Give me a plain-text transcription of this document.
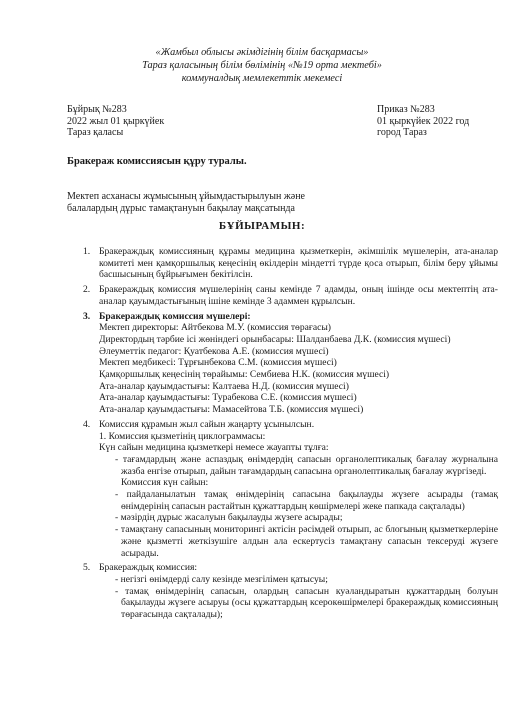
«Жамбыл облысы әкімдігінің білім басқармасы»
Тараз қаласының білім бөлімінің «№19 орта мектебі»
коммуналдық мемлекеттік мекемесі
Бұйрық №283
2022 жыл 01 қыркүйек
Тараз қаласы
Приказ №283
01 қыркүйек 2022 год
город Тараз
Бракераж комиссиясын құру туралы.
Мектеп асханасы жұмысының ұйымдастырылуын және
балалардың дұрыс тамақтануын бақылау мақсатында
БҰЙЫРАМЫН:
1. Бракераждық комиссияның құрамы медицина қызметкерін, әкімшілік мүшелерін, ата-аналар комитеті мен қамқоршылық кеңесінің өкілдерін міндетті түрде қоса отырып, білім беру ұйымы басшысының бұйрығымен бекітілсін.
2. Бракераждық комиссия мүшелерінің саны кемінде 7 адамды, оның ішінде осы мектептің ата-аналар қауымдастығының ішіне кемінде 3 адаммен құрылсын.
3. Бракераждық комиссия мүшелері:
Мектеп директоры: Айтбекова М.У. (комиссия төрағасы)
Директордың тәрбие ісі жөніндегі орынбасары: Шалданбаева Д.К. (комиссия мүшесі)
Әлеуметтік педагог: Қуатбекова А.Е. (комиссия мүшесі)
Мектеп медбикесі: Тұрғынбекова С.М. (комиссия мүшесі)
Қамқоршылық кеңесінің төрайымы: Сембиева Н.К. (комиссия мүшесі)
Ата-аналар қауымдастығы: Калтаева Н.Д. (комиссия мүшесі)
Ата-аналар қауымдастығы: Турабекова С.Е. (комиссия мүшесі)
Ата-аналар қауымдастығы: Мамасейтова Т.Б. (комиссия мүшесі)
4. Комиссия құрамын жыл сайын жаңарту ұсынылсын.
1. Комиссия қызметінің циклограммасы:
Күн сайын медицина қызметкері немесе жауапты тұлға:
- тағамдардың және аспаздық өнімдердің сапасын органолептикалық бағалау журналына жазба енгізе отырып, дайын тағамдардың сапасына органолептикалық бағалау жүргізеді.
Комиссия күн сайын:
- пайдаланылатын тамақ өнімдерінің сапасына бақылауды жүзеге асырады (тамақ өнімдерінің сапасын растайтын құжаттардың көшірмелері жеке папкада сақталады)
- мәзірдің дұрыс жасалуын бақылауды жүзеге асырады;
- тамақтану сапасының мониторингі актісін рәсімдей отырып, ас блогының қызметкерлеріне және қызметті жеткізушіге алдын ала ескертусіз тамақтану сапасын тексеруді жүзеге асырады.
5. Бракераждық комиссия:
- негізгі өнімдерді салу кезінде мезгілімен қатысуы;
- тамақ өнімдерінің сапасын, олардың сапасын куәландыратын құжаттардың болуын бақылауды жүзеге асыруы (осы құжаттардың ксерокөшірмелері бракераждық комиссияның төрағасында сақталады);
